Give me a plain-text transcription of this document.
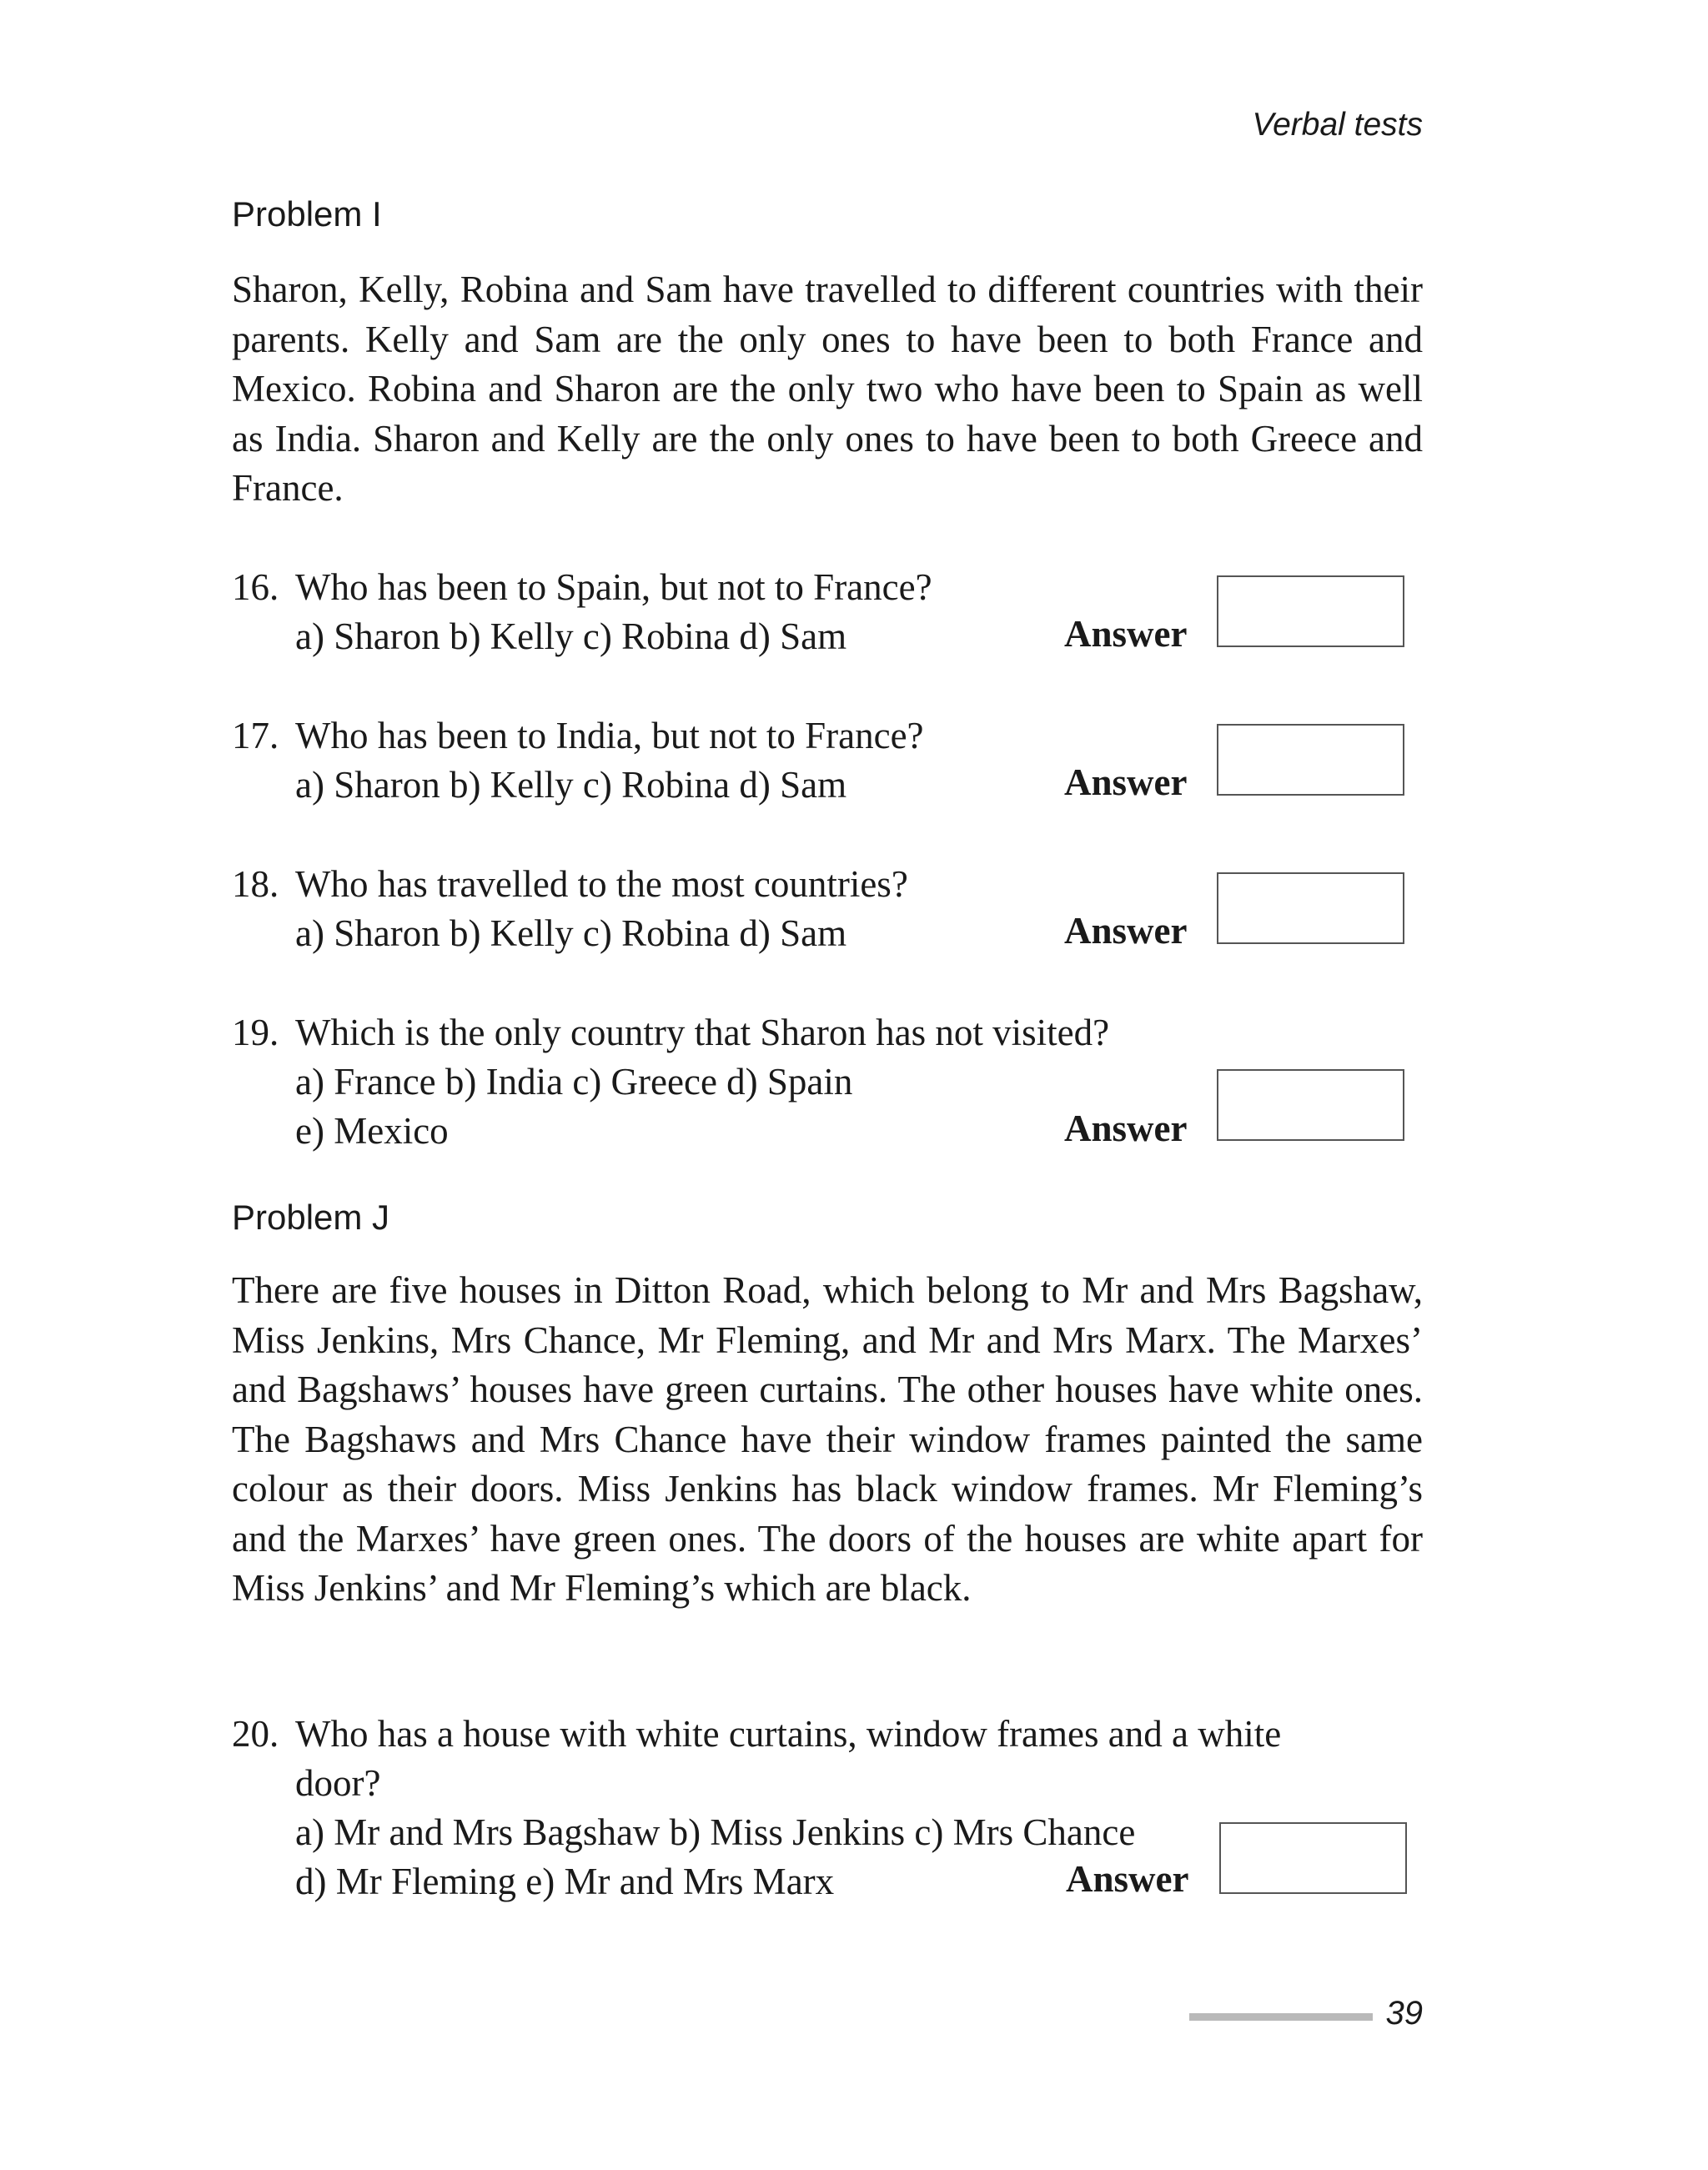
Verbal tests
Problem I

Sharon, Kelly, Robina and Sam have travelled to different countries with their parents. Kelly and Sam are the only ones to have been to both France and Mexico. Robina and Sharon are the only two who have been to Spain as well as India. Sharon and Kelly are the only ones to have been to both Greece and France.

16. Who has been to Spain, but not to France?
a) Sharon b) Kelly c) Robina d) Sam	Answer
17. Who has been to India, but not to France?
a) Sharon b) Kelly c) Robina d) Sam	Answer
18. Who has travelled to the most countries?
a) Sharon b) Kelly c) Robina d) Sam	Answer
19. Which is the only country that Sharon has not visited?
a) France b) India c) Greece d) Spain
e) Mexico	Answer
Problem J

There are five houses in Ditton Road, which belong to Mr and Mrs Bagshaw, Miss Jenkins, Mrs Chance, Mr Fleming, and Mr and Mrs Marx. The Marxes’ and Bagshaws’ houses have green curtains. The other houses have white ones. The Bagshaws and Mrs Chance have their window frames painted the same colour as their doors. Miss Jenkins has black window frames. Mr Fleming’s and the Marxes’ have green ones. The doors of the houses are white apart for Miss Jenkins’ and Mr Fleming’s which are black.

20. Who has a house with white curtains, window frames and a white
door?
a) Mr and Mrs Bagshaw b) Miss Jenkins c) Mrs Chance
d) Mr Fleming e) Mr and Mrs Marx	Answer
39
